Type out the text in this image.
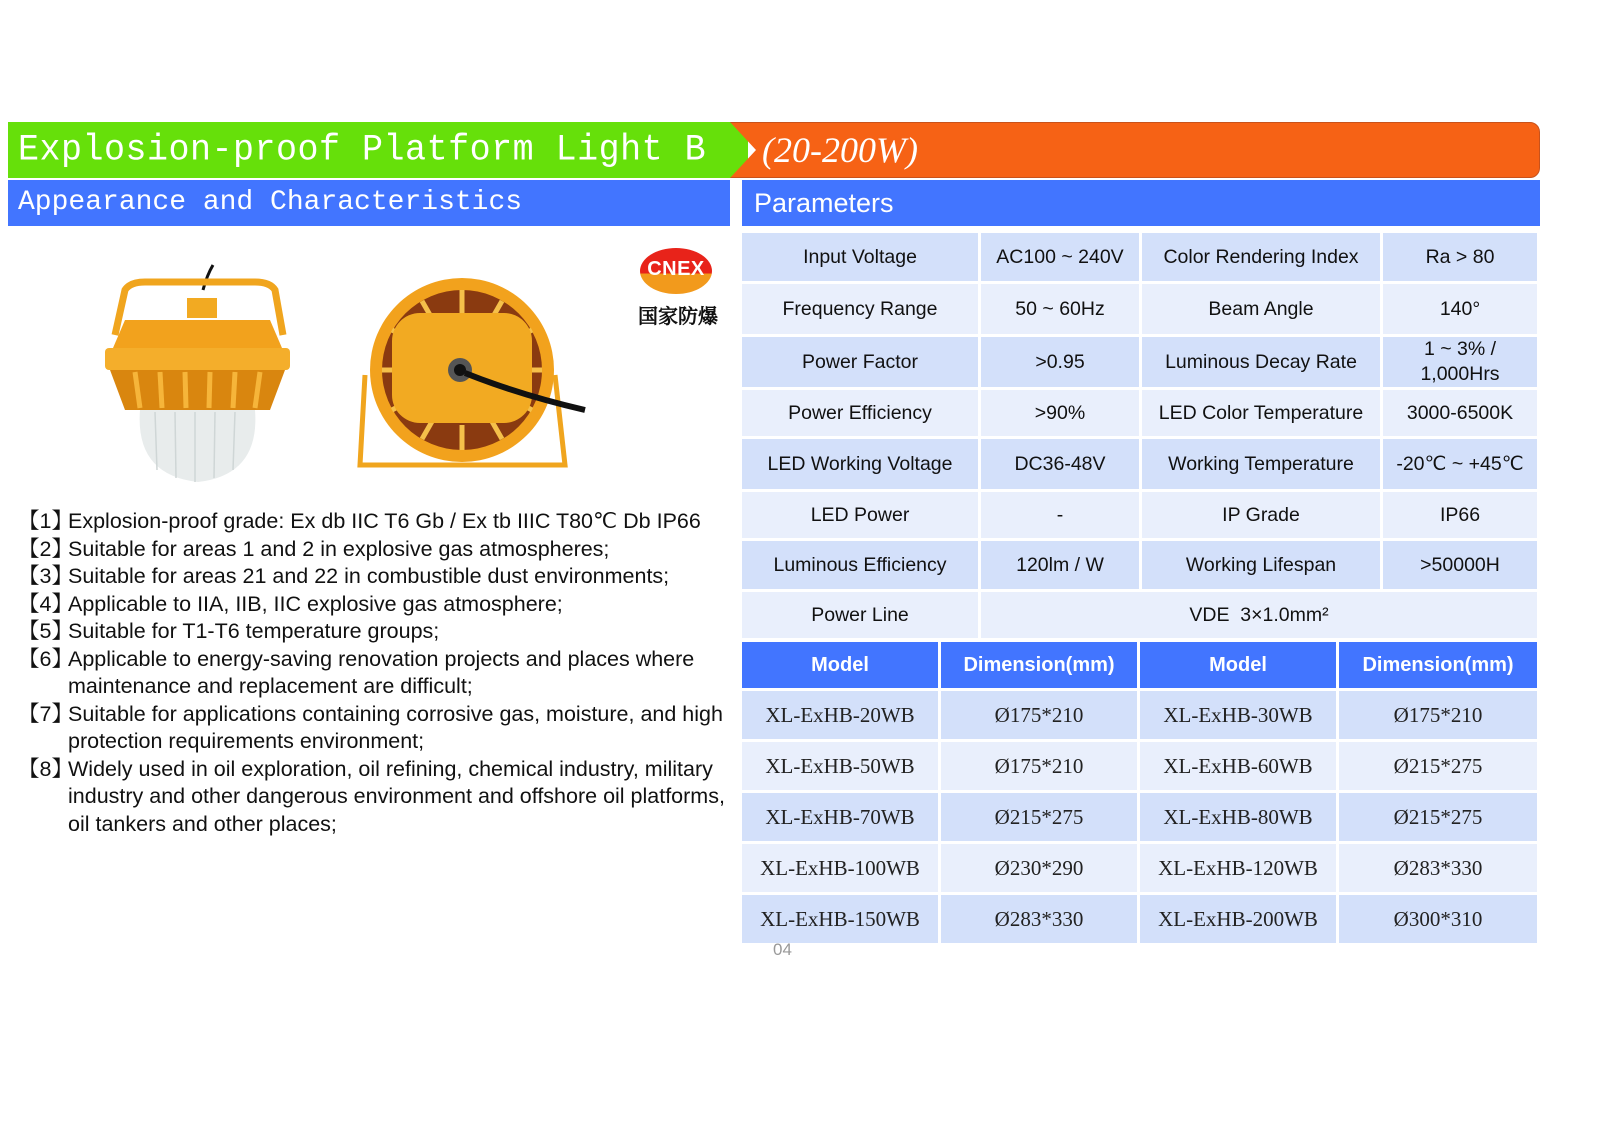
Explosion-proof Platform Light B (20-200W)
Appearance and Characteristics	Parameters
CNEX
国家防爆
【1】
Explosion-proof grade: Ex db IIC T6 Gb / Ex tb IIIC T80℃ Db IP66
【2】
Suitable for areas 1 and 2 in explosive gas atmospheres;
【3】
Suitable for areas 21 and 22 in combustible dust environments;
【4】
Applicable to IIA, IIB, IIC explosive gas atmosphere;
【5】
Suitable for T1-T6 temperature groups;
【6】
Applicable to energy-saving renovation projects and places where maintenance and replacement are difficult;
【7】
Suitable for applications containing corrosive gas, moisture, and high protection requirements environment;
【8】
Widely used in oil exploration, oil refining, chemical industry, military industry and other dangerous environment and offshore oil platforms, oil tankers and other places;
Input Voltage	AC100 ~ 240V	Color Rendering Index	Ra > 80
Frequency Range	50 ~ 60Hz	Beam Angle	140°
Power Factor	>0.95	Luminous Decay Rate	1 ~ 3% / 1,000Hrs
Power Efficiency	>90%	LED Color Temperature	3000-6500K
LED Working Voltage	DC36-48V	Working Temperature	-20℃ ~ +45℃
LED Power	-	IP Grade	IP66
Luminous Efficiency	120lm / W	Working Lifespan	>50000H
Power Line	VDE  3×1.0mm²		
Model	Dimension(mm)	Model	Dimension(mm)
XL-ExHB-20WB	Ø175*210	XL-ExHB-30WB	Ø175*210
XL-ExHB-50WB	Ø175*210	XL-ExHB-60WB	Ø215*275
XL-ExHB-70WB	Ø215*275	XL-ExHB-80WB	Ø215*275
XL-ExHB-100WB	Ø230*290	XL-ExHB-120WB	Ø283*330
XL-ExHB-150WB	Ø283*330	XL-ExHB-200WB	Ø300*310
04
